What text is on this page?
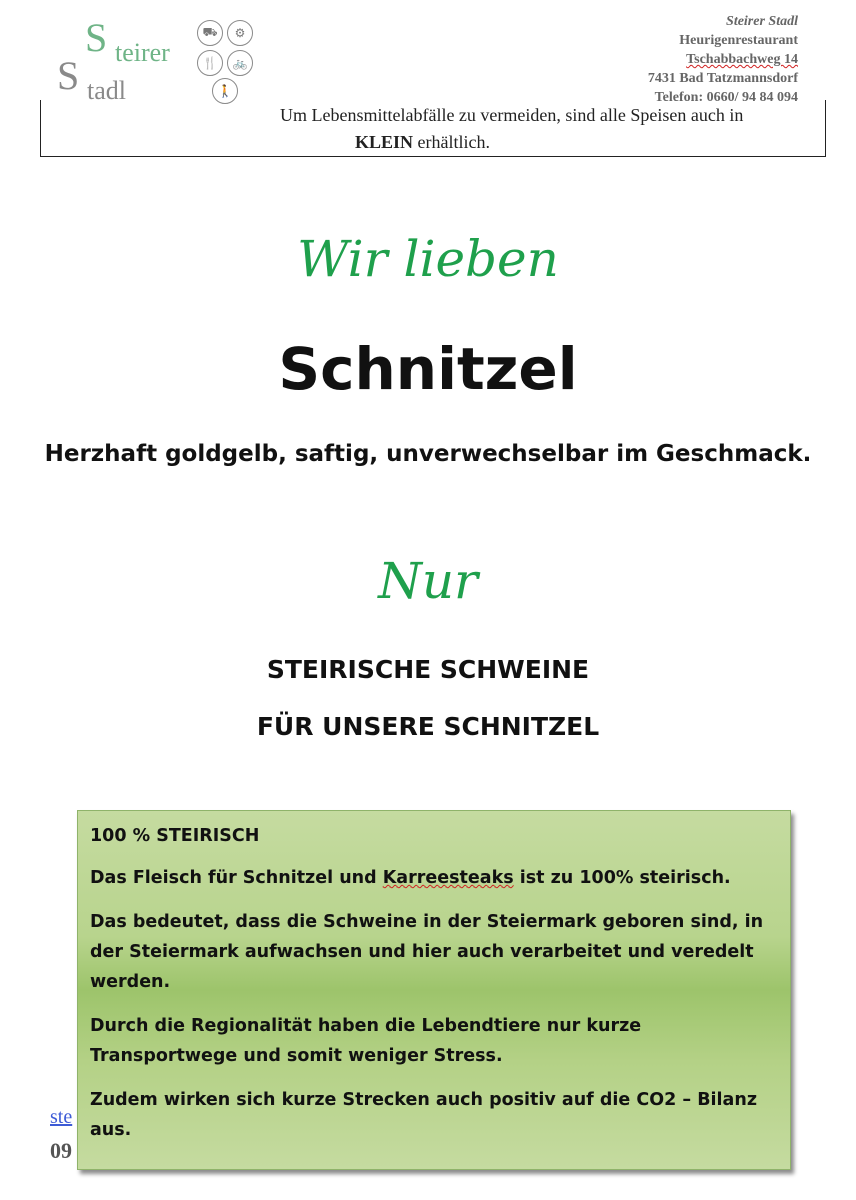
S teirer
S tadl
⛟	⚙
🍴	🚲
🚶
Steirer Stadl
Heurigenrestaurant
Tschabbachweg 14
7431 Bad Tatzmannsdorf
Telefon: 0660/ 94 84 094
Um Lebensmittelabfälle zu vermeiden, sind alle Speisen auch in
KLEIN erhältlich.
Wir lieben
Schnitzel
Herzhaft goldgelb, saftig, unverwechselbar im Geschmack.
Nur
STEIRISCHE SCHWEINE
FÜR UNSERE SCHNITZEL
ste
09

100 % STEIRISCH

Das Fleisch für Schnitzel und Karreesteaks ist zu 100% steirisch.

Das bedeutet, dass die Schweine in der Steiermark geboren sind, in der Steiermark aufwachsen und hier auch verarbeitet und veredelt werden.

Durch die Regionalität haben die Lebendtiere nur kurze Transportwege und somit weniger Stress.

Zudem wirken sich kurze Strecken auch positiv auf die CO2 – Bilanz aus.
